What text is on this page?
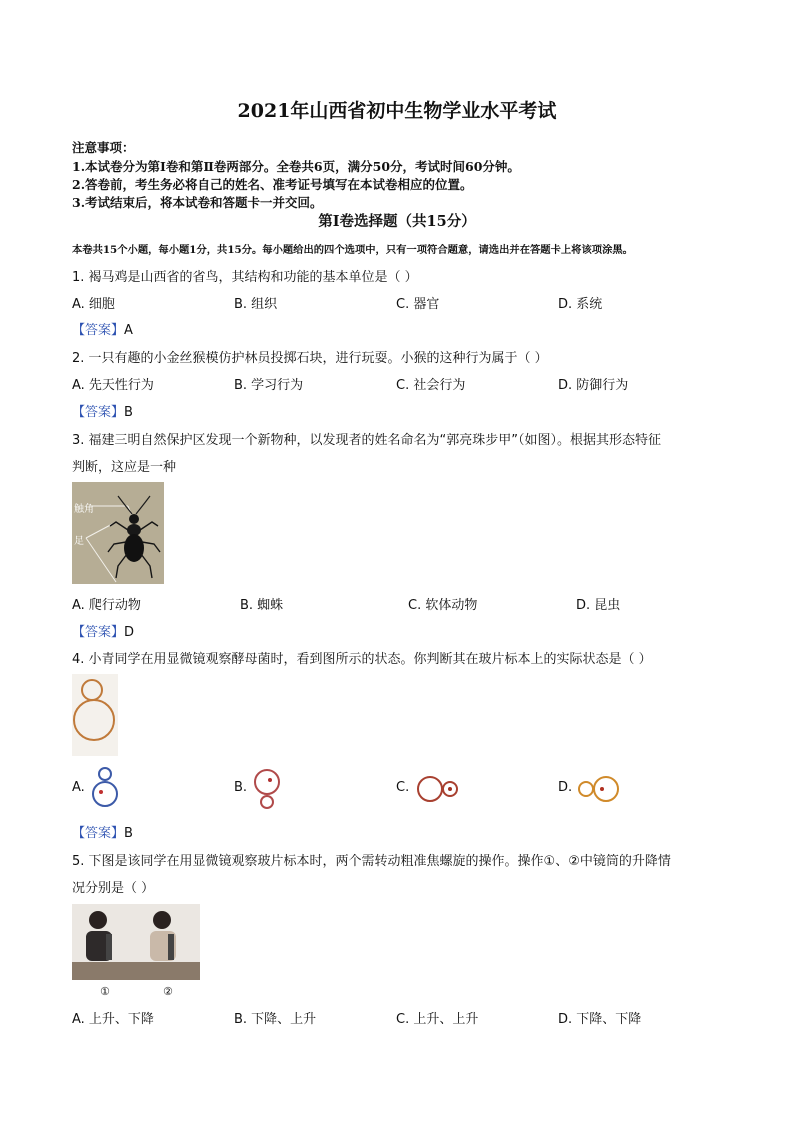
2021年山西省初中生物学业水平考试
注意事项：
1.本试卷分为第Ⅰ卷和第Ⅱ卷两部分。全卷共6页，满分50分，考试时间60分钟。
2.答卷前，考生务必将自己的姓名、准考证号填写在本试卷相应的位置。
3.考试结束后，将本试卷和答题卡一并交回。
第Ⅰ卷选择题（共15分）
本卷共15个小题，每小题1分，共15分。每小题给出的四个选项中，只有一项符合题意，请选出并在答题卡上将该项涂黑。
1. 褐马鸡是山西省的省鸟，其结构和功能的基本单位是（ ）
A. 细胞	B. 组织	C. 器官	D. 系统
【答案】A
2. 一只有趣的小金丝猴模仿护林员投掷石块，进行玩耍。小猴的这种行为属于（ ）
A. 先天性行为	B. 学习行为	C. 社会行为	D. 防御行为
【答案】B
3. 福建三明自然保护区发现一个新物种，以发现者的姓名命名为“郭亮珠步甲”（如图）。根据其形态特征
判断，这应是一种
触角
足
A. 爬行动物	B. 蜘蛛	C. 软体动物	D. 昆虫
【答案】D
4. 小青同学在用显微镜观察酵母菌时，看到图所示的状态。你判断其在玻片标本上的实际状态是（ ）
A.	B.	C.	D.
【答案】B
5. 下图是该同学在用显微镜观察玻片标本时，两个需转动粗准焦螺旋的操作。操作①、②中镜筒的升降情
况分别是（ ）
①	②
A. 上升、下降	B. 下降、上升	C. 上升、上升	D. 下降、下降
